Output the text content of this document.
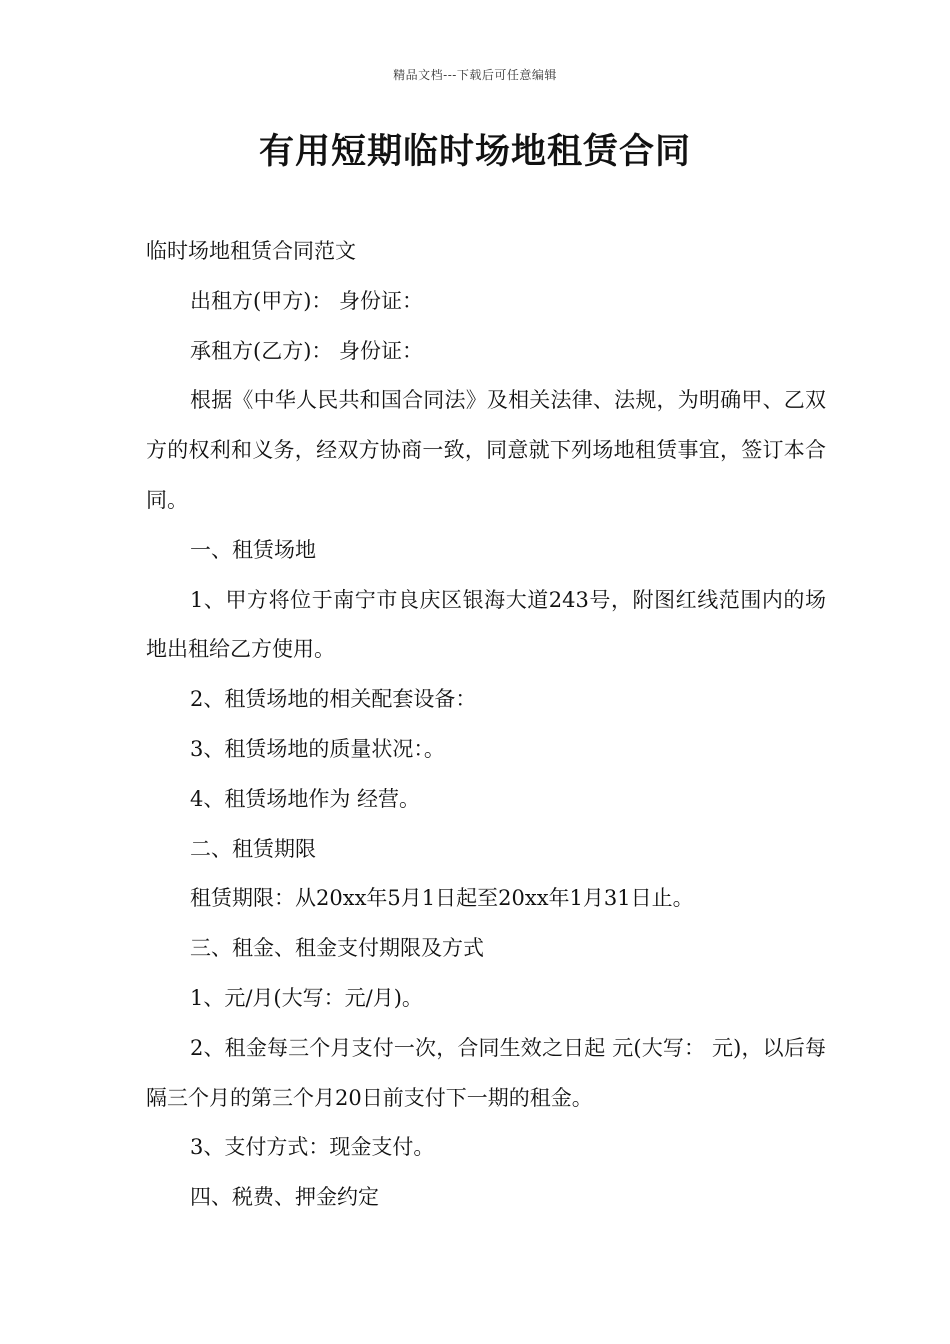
精品文档---下载后可任意编辑
有用短期临时场地租赁合同

临时场地租赁合同范文

出租方(甲方)： 身份证：

承租方(乙方)： 身份证：

根据《中华人民共和国合同法》及相关法律、法规，为明确甲、乙双方的权利和义务，经双方协商一致，同意就下列场地租赁事宜，签订本合同。

一、租赁场地

1、甲方将位于南宁市良庆区银海大道243号，附图红线范围内的场地出租给乙方使用。

2、租赁场地的相关配套设备：

3、租赁场地的质量状况：。

4、租赁场地作为 经营。

二、租赁期限

租赁期限：从20xx年5月1日起至20xx年1月31日止。

三、租金、租金支付期限及方式

1、元/月(大写：元/月)。

2、租金每三个月支付一次，合同生效之日起 元(大写： 元)，以后每隔三个月的第三个月20日前支付下一期的租金。

3、支付方式：现金支付。

四、税费、押金约定
